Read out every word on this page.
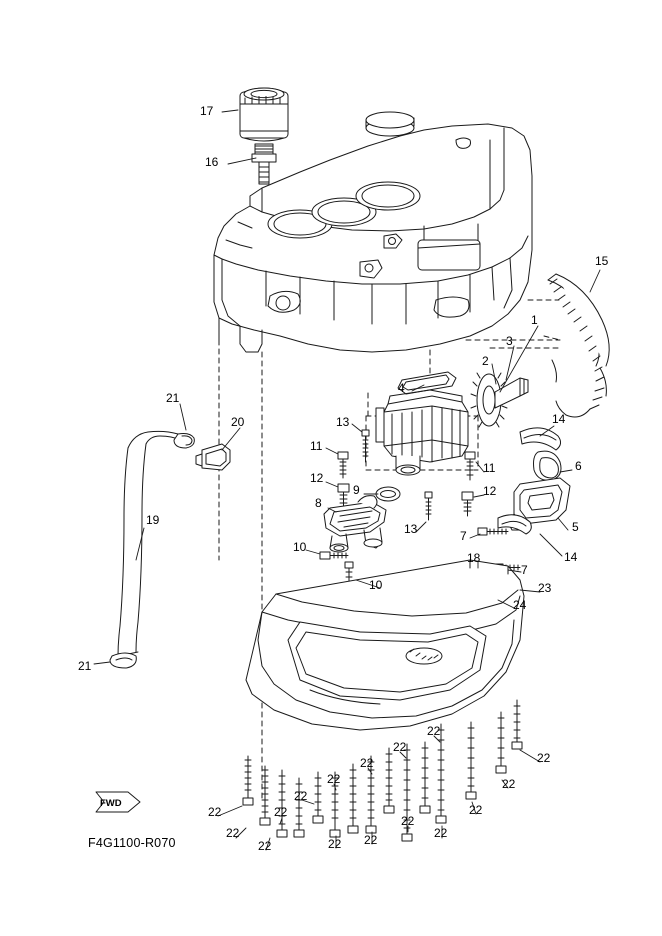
17
16
15
1
3
2
4
21
20	13	14
11
6
11
12
12
9
19
8
13	5
7
10
14
18
10
7
23
24
21
22
22
22
22
22	22
22
22	22
22
22
22
22	22
22
22
FWD
F4G1100-R070
